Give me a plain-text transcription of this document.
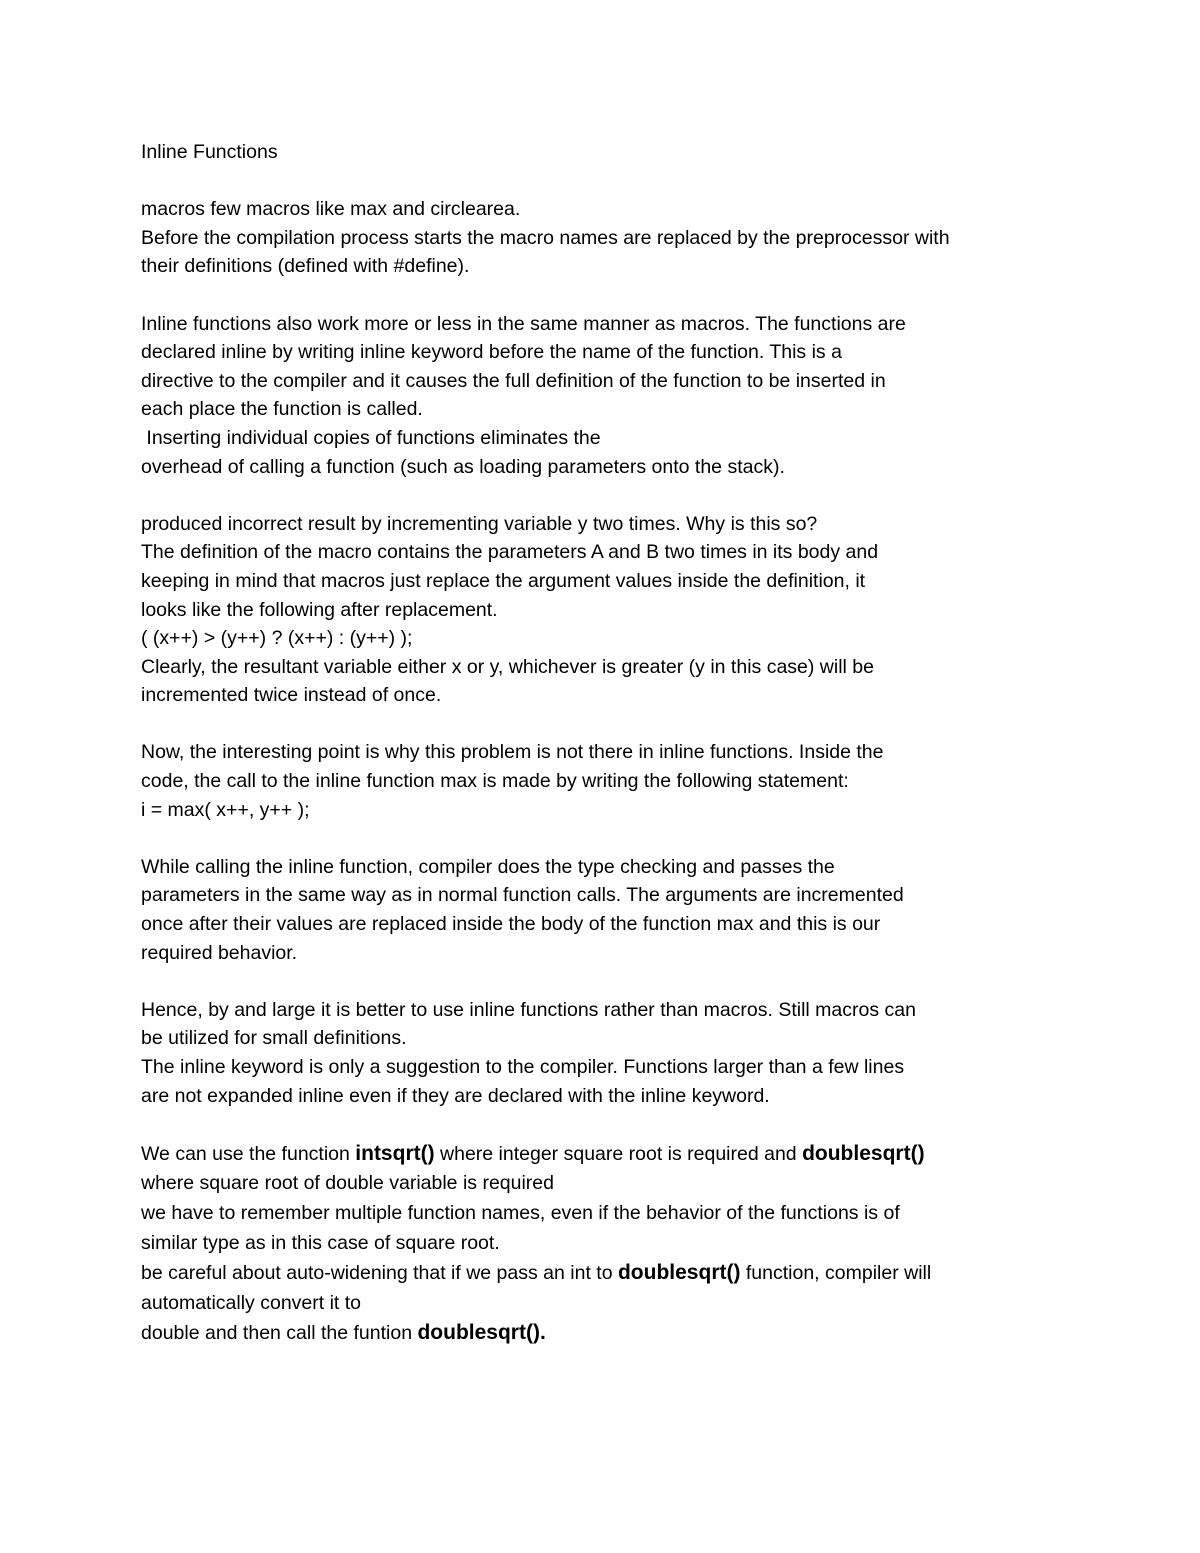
Inline Functions
macros few macros like max and circlearea.
Before the compilation process starts the macro names are replaced by the preprocessor with
their definitions (defined with #define).
Inline functions also work more or less in the same manner as macros. The functions are
declared inline by writing inline keyword before the name of the function. This is a
directive to the compiler and it causes the full definition of the function to be inserted in
each place the function is called.
Inserting individual copies of functions eliminates the
overhead of calling a function (such as loading parameters onto the stack).
produced incorrect result by incrementing variable y two times. Why is this so?
The definition of the macro contains the parameters A and B two times in its body and
keeping in mind that macros just replace the argument values inside the definition, it
looks like the following after replacement.
( (x++) > (y++) ? (x++) : (y++) );
Clearly, the resultant variable either x or y, whichever is greater (y in this case) will be
incremented twice instead of once.
Now, the interesting point is why this problem is not there in inline functions. Inside the
code, the call to the inline function max is made by writing the following statement:
i = max( x++, y++ );
While calling the inline function, compiler does the type checking and passes the
parameters in the same way as in normal function calls. The arguments are incremented
once after their values are replaced inside the body of the function max and this is our
required behavior.
Hence, by and large it is better to use inline functions rather than macros. Still macros can
be utilized for small definitions.
The inline keyword is only a suggestion to the compiler. Functions larger than a few lines
are not expanded inline even if they are declared with the inline keyword.
We can use the function intsqrt() where integer square root is required and doublesqrt()
where square root of double variable is required
we have to remember multiple function names, even if the behavior of the functions is of
similar type as in this case of square root.
be careful about auto-widening that if we pass an int to doublesqrt() function, compiler will
automatically convert it to
double and then call the funtion doublesqrt().
